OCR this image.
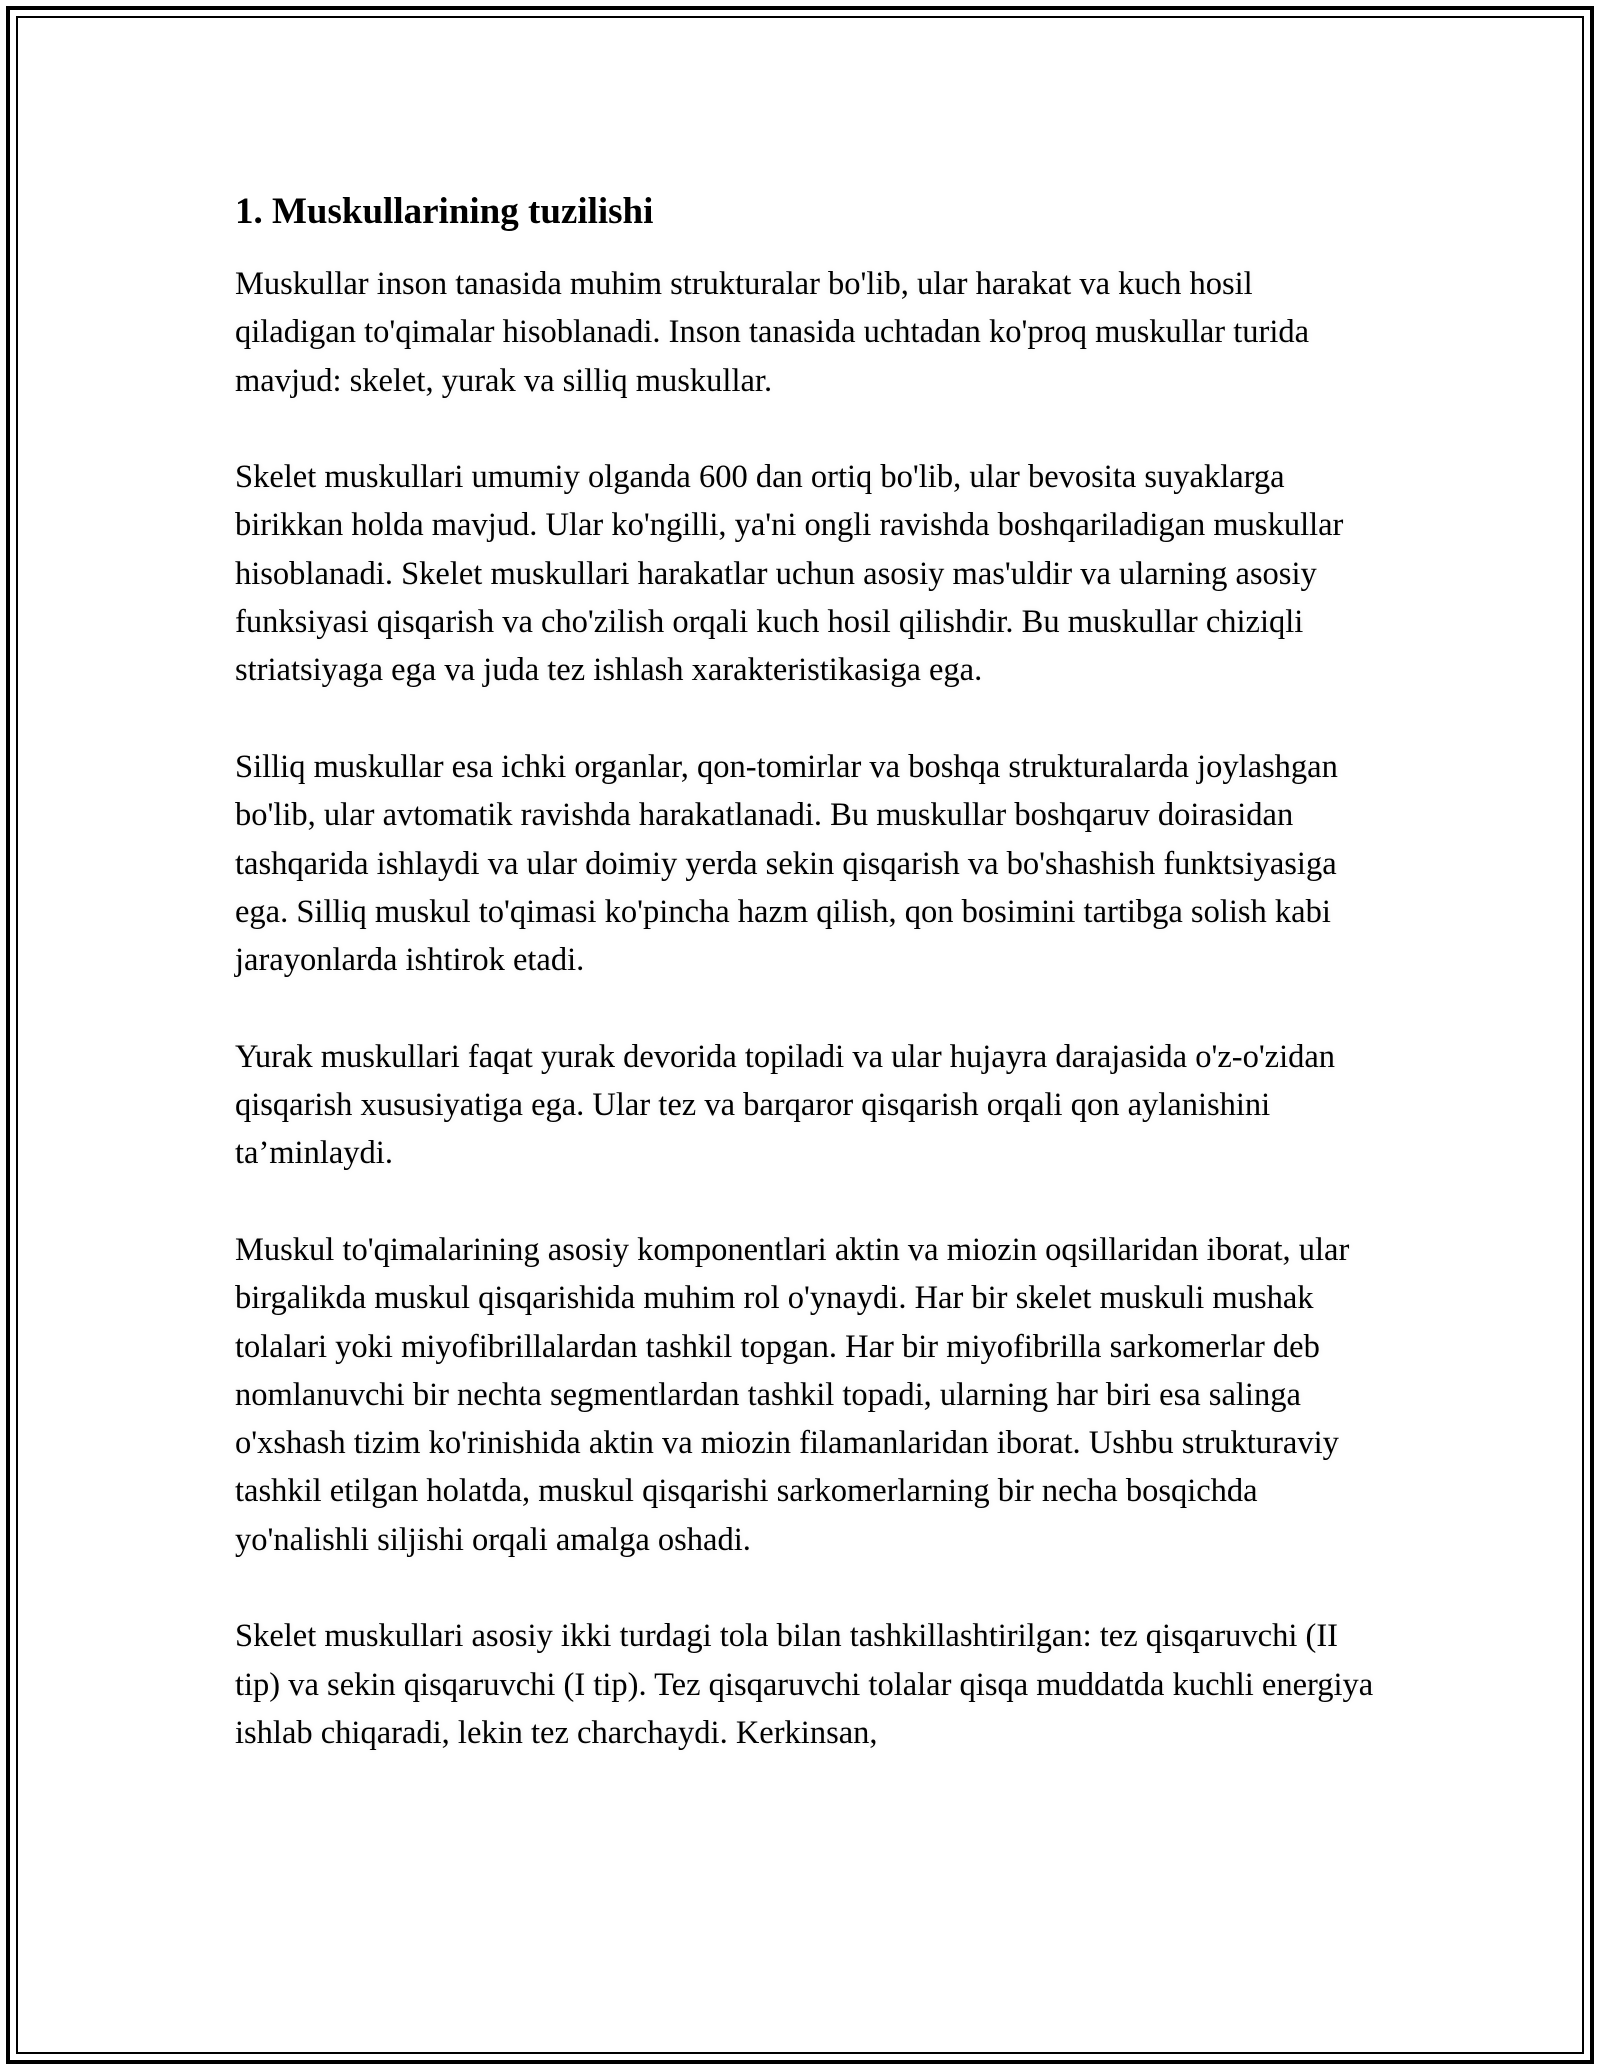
1. Muskullarining tuzilishi

Muskullar inson tanasida muhim strukturalar bo'lib, ular harakat va kuch hosil qiladigan to'qimalar hisoblanadi. Inson tanasida uchtadan ko'proq muskullar turida mavjud: skelet, yurak va silliq muskullar.

Skelet muskullari umumiy olganda 600 dan ortiq bo'lib, ular bevosita suyaklarga birikkan holda mavjud. Ular ko'ngilli, ya'ni ongli ravishda boshqariladigan muskullar hisoblanadi. Skelet muskullari harakatlar uchun asosiy mas'uldir va ularning asosiy funksiyasi qisqarish va cho'zilish orqali kuch hosil qilishdir. Bu muskullar chiziqli striatsiyaga ega va juda tez ishlash xarakteristikasiga ega.

Silliq muskullar esa ichki organlar, qon-tomirlar va boshqa strukturalarda joylashgan bo'lib, ular avtomatik ravishda harakatlanadi. Bu muskullar boshqaruv doirasidan tashqarida ishlaydi va ular doimiy yerda sekin qisqarish va bo'shashish funktsiyasiga ega. Silliq muskul to'qimasi ko'pincha hazm qilish, qon bosimini tartibga solish kabi jarayonlarda ishtirok etadi.

Yurak muskullari faqat yurak devorida topiladi va ular hujayra darajasida o'z-o'zidan qisqarish xususiyatiga ega. Ular tez va barqaror qisqarish orqali qon aylanishini ta’minlaydi.

Muskul to'qimalarining asosiy komponentlari aktin va miozin oqsillaridan iborat, ular birgalikda muskul qisqarishida muhim rol o'ynaydi. Har bir skelet muskuli mushak tolalari yoki miyofibrillalardan tashkil topgan. Har bir miyofibrilla sarkomerlar deb nomlanuvchi bir nechta segmentlardan tashkil topadi, ularning har biri esa salinga o'xshash tizim ko'rinishida aktin va miozin filamanlaridan iborat. Ushbu strukturaviy tashkil etilgan holatda, muskul qisqarishi sarkomerlarning bir necha bosqichda yo'nalishli siljishi orqali amalga oshadi.

Skelet muskullari asosiy ikki turdagi tola bilan tashkillashtirilgan: tez qisqaruvchi (II tip) va sekin qisqaruvchi (I tip). Tez qisqaruvchi tolalar qisqa muddatda kuchli energiya ishlab chiqaradi, lekin tez charchaydi. Kerkinsan,
